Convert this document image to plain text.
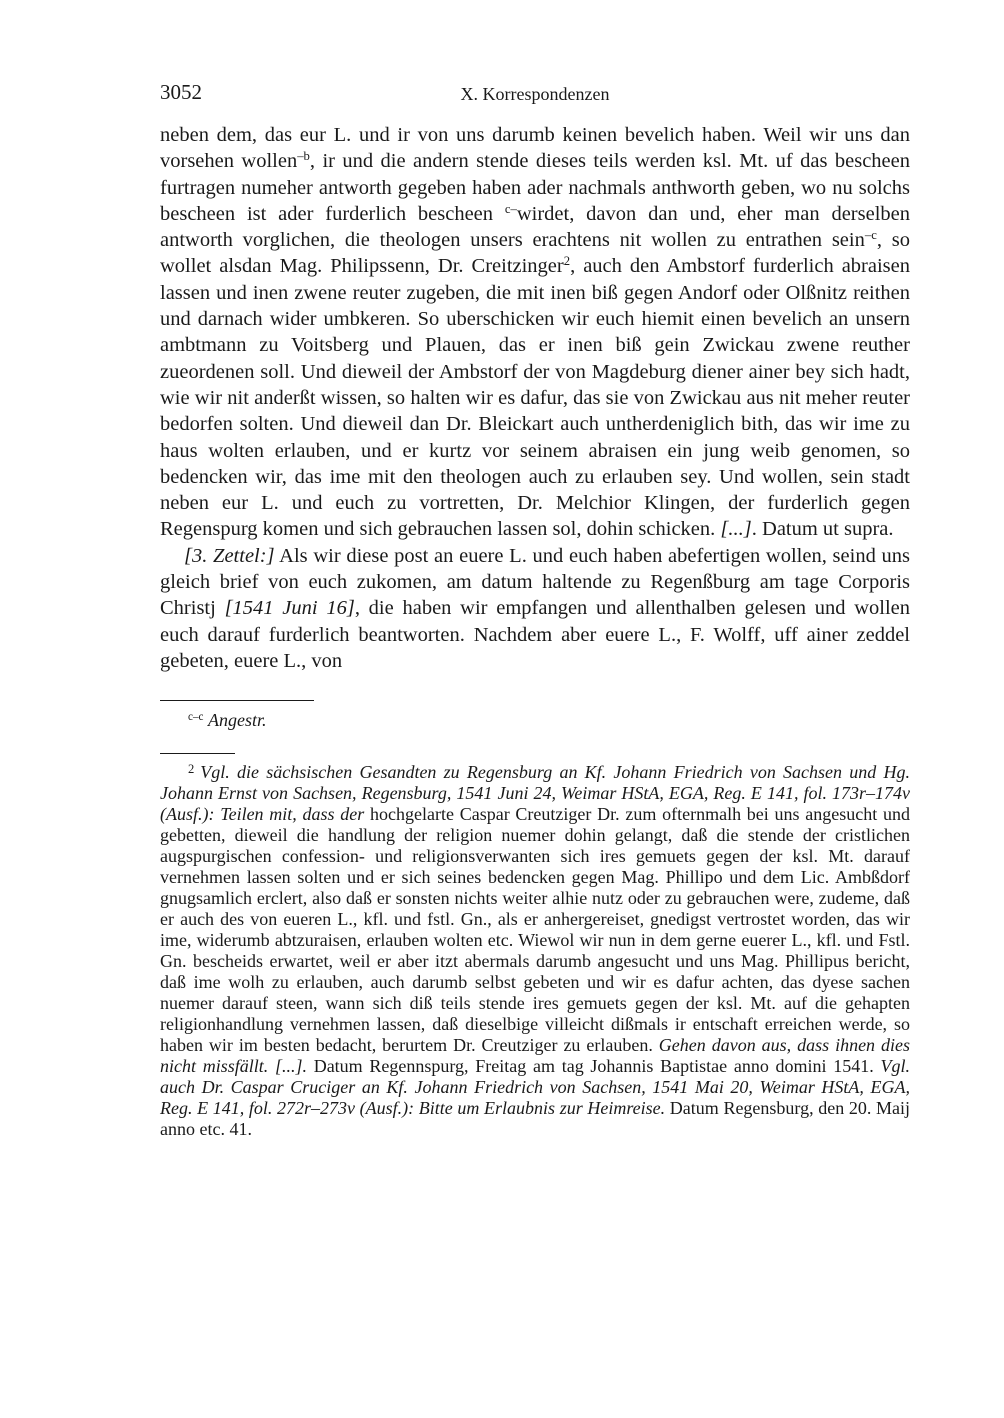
3052	X. Korrespondenzen

neben dem, das eur L. und ir von uns darumb keinen bevelich haben. Weil wir uns dan vorsehen wollen$^{-b}$, ir und die andern stende dieses teils werden ksl. Mt. uf das bescheen furtragen numeher antworth gegeben haben ader nachmals anthworth geben, wo nu solchs bescheen ist ader furderlich bescheen $^{c-}$wirdet, davon dan und, eher man derselben antworth vorglichen, die theologen unsers erachtens nit wollen zu entrathen sein$^{-c}$, so wollet alsdan Mag. Philipssenn, Dr. Creitzinger$^2$, auch den Ambstorf furderlich abraisen lassen und inen zwene reuter zugeben, die mit inen biß gegen Andorf oder Olßnitz reithen und darnach wider umbkeren. So uberschicken wir euch hiemit einen bevelich an unsern ambtmann zu Voitsberg und Plauen, das er inen biß gein Zwickau zwene reuther zueordenen soll. Und dieweil der Ambstorf der von Magdeburg diener ainer bey sich hadt, wie wir nit anderßt wissen, so halten wir es dafur, das sie von Zwickau aus nit meher reuter bedorfen solten. Und dieweil dan Dr. Bleickart auch untherdeniglich bith, das wir ime zu haus wolten erlauben, und er kurtz vor seinem abraisen ein jung weib genomen, so bedencken wir, das ime mit den theologen auch zu erlauben sey. Und wollen, sein stadt neben eur L. und euch zu vortretten, Dr. Melchior Klingen, der furderlich gegen Regenspurg komen und sich gebrauchen lassen sol, dohin schicken. [...]. Datum ut supra.

[3. Zettel:] Als wir diese post an euere L. und euch haben abefertigen wollen, seind uns gleich brief von euch zukomen, am datum haltende zu Regenßburg am tage Corporis Christj [1541 Juni 16], die haben wir empfangen und allenthalben gelesen und wollen euch darauf furderlich beantworten. Nachdem aber euere L., F. Wolff, uff ainer zeddel gebeten, euere L., von

$^{c-c}$ Angestr.
$^2$ Vgl. die sächsischen Gesandten zu Regensburg an Kf. Johann Friedrich von Sachsen und Hg. Johann Ernst von Sachsen, Regensburg, 1541 Juni 24, Weimar HStA, EGA, Reg. E 141, fol. 173r–174v (Ausf.): Teilen mit, dass der hochgelarte Caspar Creutziger Dr. zum ofternmalh bei uns angesucht und gebetten, dieweil die handlung der religion nuemer dohin gelangt, daß die stende der cristlichen augspurgischen confession- und religionsverwanten sich ires gemuets gegen der ksl. Mt. darauf vernehmen lassen solten und er sich seines bedencken gegen Mag. Phillipo und dem Lic. Ambßdorf gnugsamlich erclert, also daß er sonsten nichts weiter alhie nutz oder zu gebrauchen were, zudeme, daß er auch des von eueren L., kfl. und fstl. Gn., als er anhergereiset, gnedigst vertrostet worden, das wir ime, widerumb abtzuraisen, erlauben wolten etc. Wiewol wir nun in dem gerne euerer L., kfl. und Fstl. Gn. bescheids erwartet, weil er aber itzt abermals darumb angesucht und uns Mag. Phillipus bericht, daß ime wolh zu erlauben, auch darumb selbst gebeten und wir es dafur achten, das dyese sachen nuemer darauf steen, wann sich diß teils stende ires gemuets gegen der ksl. Mt. auf die gehapten religionhandlung vernehmen lassen, daß dieselbige villeicht dißmals ir entschaft erreichen werde, so haben wir im besten bedacht, berurtem Dr. Creutziger zu erlauben. Gehen davon aus, dass ihnen dies nicht missfällt. [...]. Datum Regennspurg, Freitag am tag Johannis Baptistae anno domini 1541. Vgl. auch Dr. Caspar Cruciger an Kf. Johann Friedrich von Sachsen, 1541 Mai 20, Weimar HStA, EGA, Reg. E 141, fol. 272r–273v (Ausf.): Bitte um Erlaubnis zur Heimreise. Datum Regensburg, den 20. Maij anno etc. 41.
